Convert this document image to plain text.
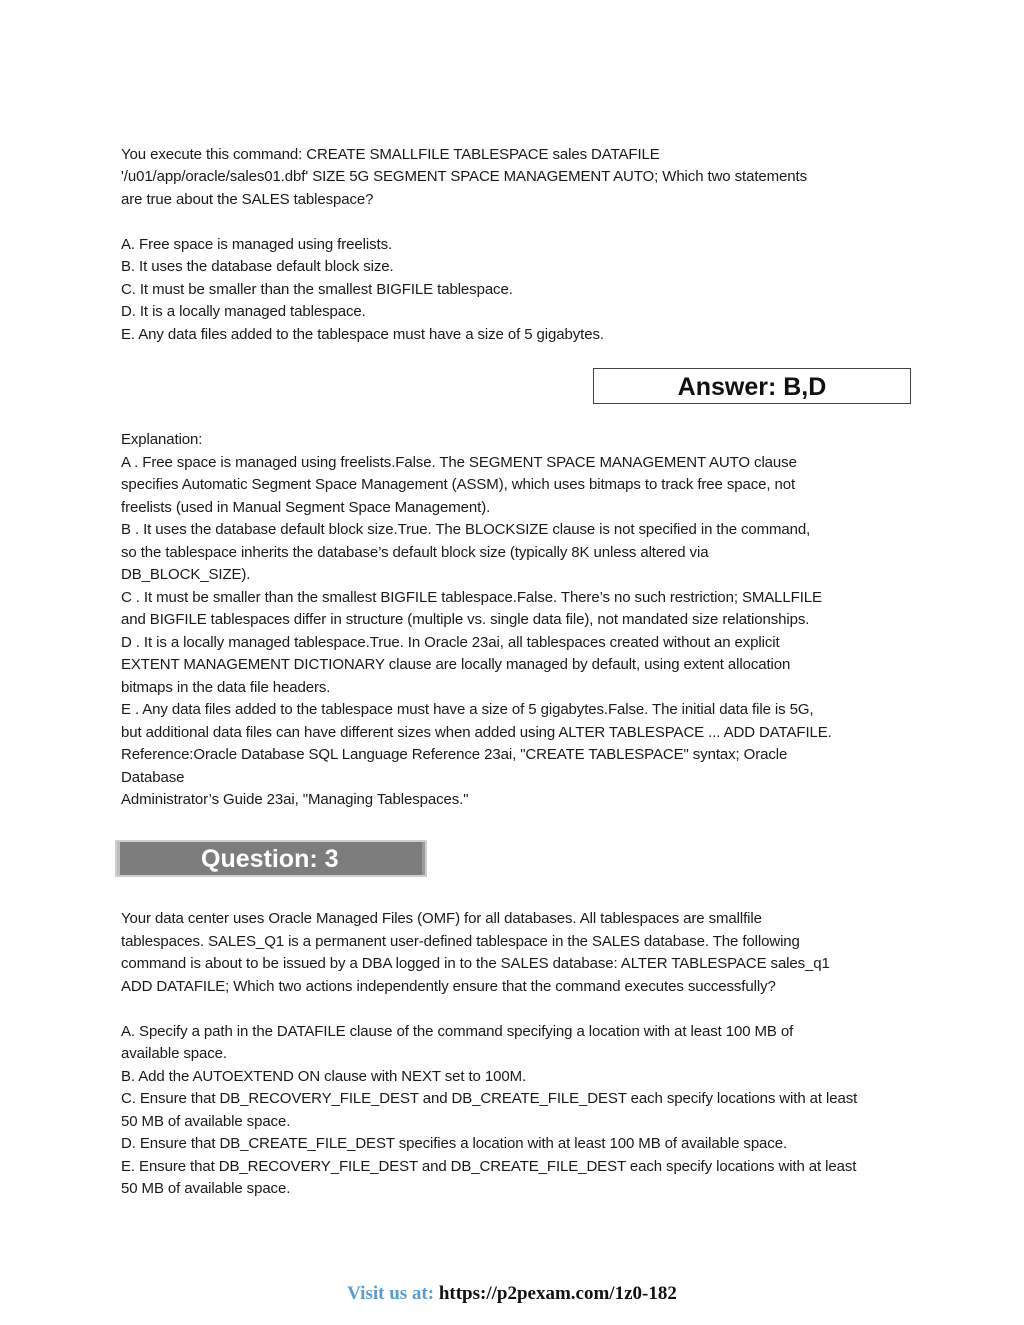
You execute this command: CREATE SMALLFILE TABLESPACE sales DATAFILE
'/u01/app/oracle/sales01.dbf' SIZE 5G SEGMENT SPACE MANAGEMENT AUTO; Which two statements
are true about the SALES tablespace?
A. Free space is managed using freelists.
B. It uses the database default block size.
C. It must be smaller than the smallest BIGFILE tablespace.
D. It is a locally managed tablespace.
E. Any data files added to the tablespace must have a size of 5 gigabytes.
Answer: B,D
Explanation:
A . Free space is managed using freelists.False. The SEGMENT SPACE MANAGEMENT AUTO clause
specifies Automatic Segment Space Management (ASSM), which uses bitmaps to track free space, not
freelists (used in Manual Segment Space Management).
B . It uses the database default block size.True. The BLOCKSIZE clause is not specified in the command,
so the tablespace inherits the database’s default block size (typically 8K unless altered via
DB_BLOCK_SIZE).
C . It must be smaller than the smallest BIGFILE tablespace.False. There’s no such restriction; SMALLFILE
and BIGFILE tablespaces differ in structure (multiple vs. single data file), not mandated size relationships.
D . It is a locally managed tablespace.True. In Oracle 23ai, all tablespaces created without an explicit
EXTENT MANAGEMENT DICTIONARY clause are locally managed by default, using extent allocation
bitmaps in the data file headers.
E . Any data files added to the tablespace must have a size of 5 gigabytes.False. The initial data file is 5G,
but additional data files can have different sizes when added using ALTER TABLESPACE ... ADD DATAFILE.
Reference:Oracle Database SQL Language Reference 23ai, "CREATE TABLESPACE" syntax; Oracle
Database
Administrator’s Guide 23ai, "Managing Tablespaces."
Question: 3
Your data center uses Oracle Managed Files (OMF) for all databases. All tablespaces are smallfile
tablespaces. SALES_Q1 is a permanent user-defined tablespace in the SALES database. The following
command is about to be issued by a DBA logged in to the SALES database: ALTER TABLESPACE sales_q1
ADD DATAFILE; Which two actions independently ensure that the command executes successfully?
A. Specify a path in the DATAFILE clause of the command specifying a location with at least 100 MB of
available space.
B. Add the AUTOEXTEND ON clause with NEXT set to 100M.
C. Ensure that DB_RECOVERY_FILE_DEST and DB_CREATE_FILE_DEST each specify locations with at least
50 MB of available space.
D. Ensure that DB_CREATE_FILE_DEST specifies a location with at least 100 MB of available space.
E. Ensure that DB_RECOVERY_FILE_DEST and DB_CREATE_FILE_DEST each specify locations with at least
50 MB of available space.
Visit us at: https://p2pexam.com/1z0-182
